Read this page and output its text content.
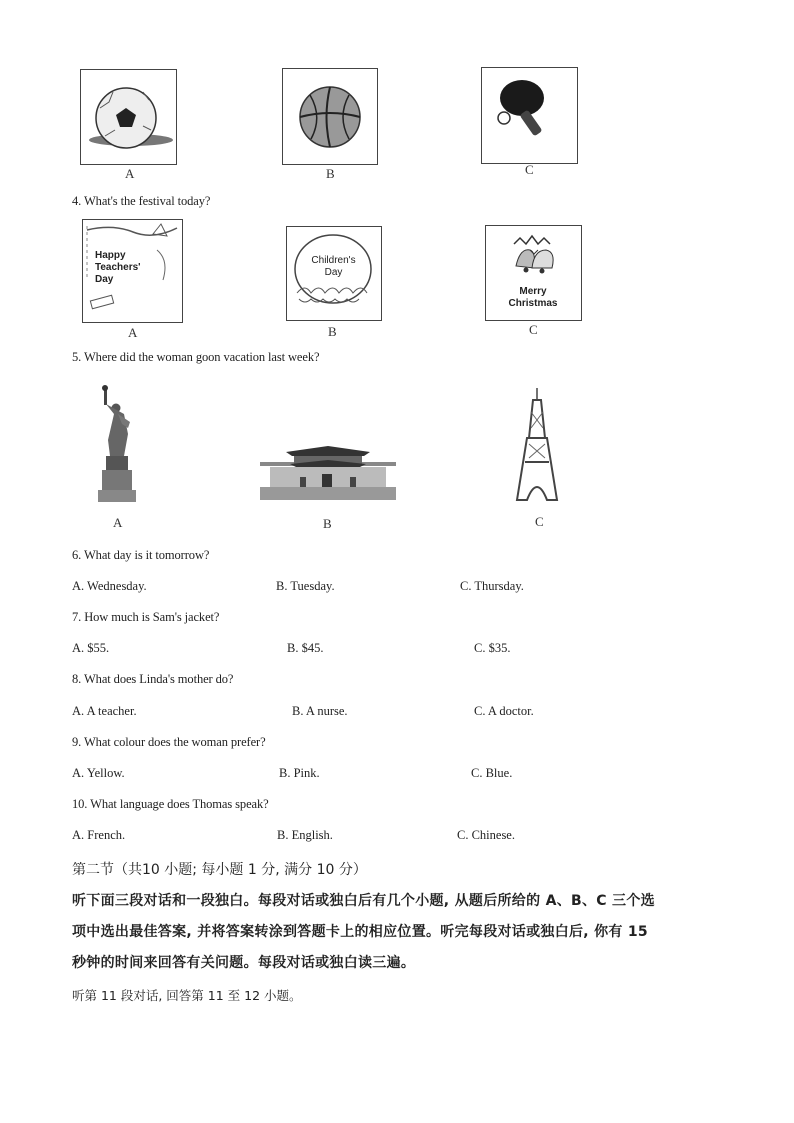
A	B	C
4. What's the festival today?
Happy
Teachers'
Day
A
Children's
Day
B
Merry
Christmas
C
5. Where did the woman goon vacation last week?
A	B	C
6. What day is it tomorrow?
A. Wednesday.	B. Tuesday.	C. Thursday.
7. How much is Sam's jacket?
A. $55.	B. $45.	C. $35.
8. What does Linda's mother do?
A. A teacher.	B. A nurse.	C. A doctor.
9. What colour does the woman prefer?
A. Yellow.	B. Pink.	C. Blue.
10. What language does Thomas speak?
A. French.	B. English.	C. Chinese.
第二节（共10 小题; 每小题 1 分, 满分 10 分）
听下面三段对话和一段独白。每段对话或独白后有几个小题, 从题后所给的 A、B、C 三个选
项中选出最佳答案, 并将答案转涂到答题卡上的相应位置。听完每段对话或独白后, 你有 15
秒钟的时间来回答有关问题。每段对话或独白读三遍。
听第 11 段对话, 回答第 11 至 12 小题。
